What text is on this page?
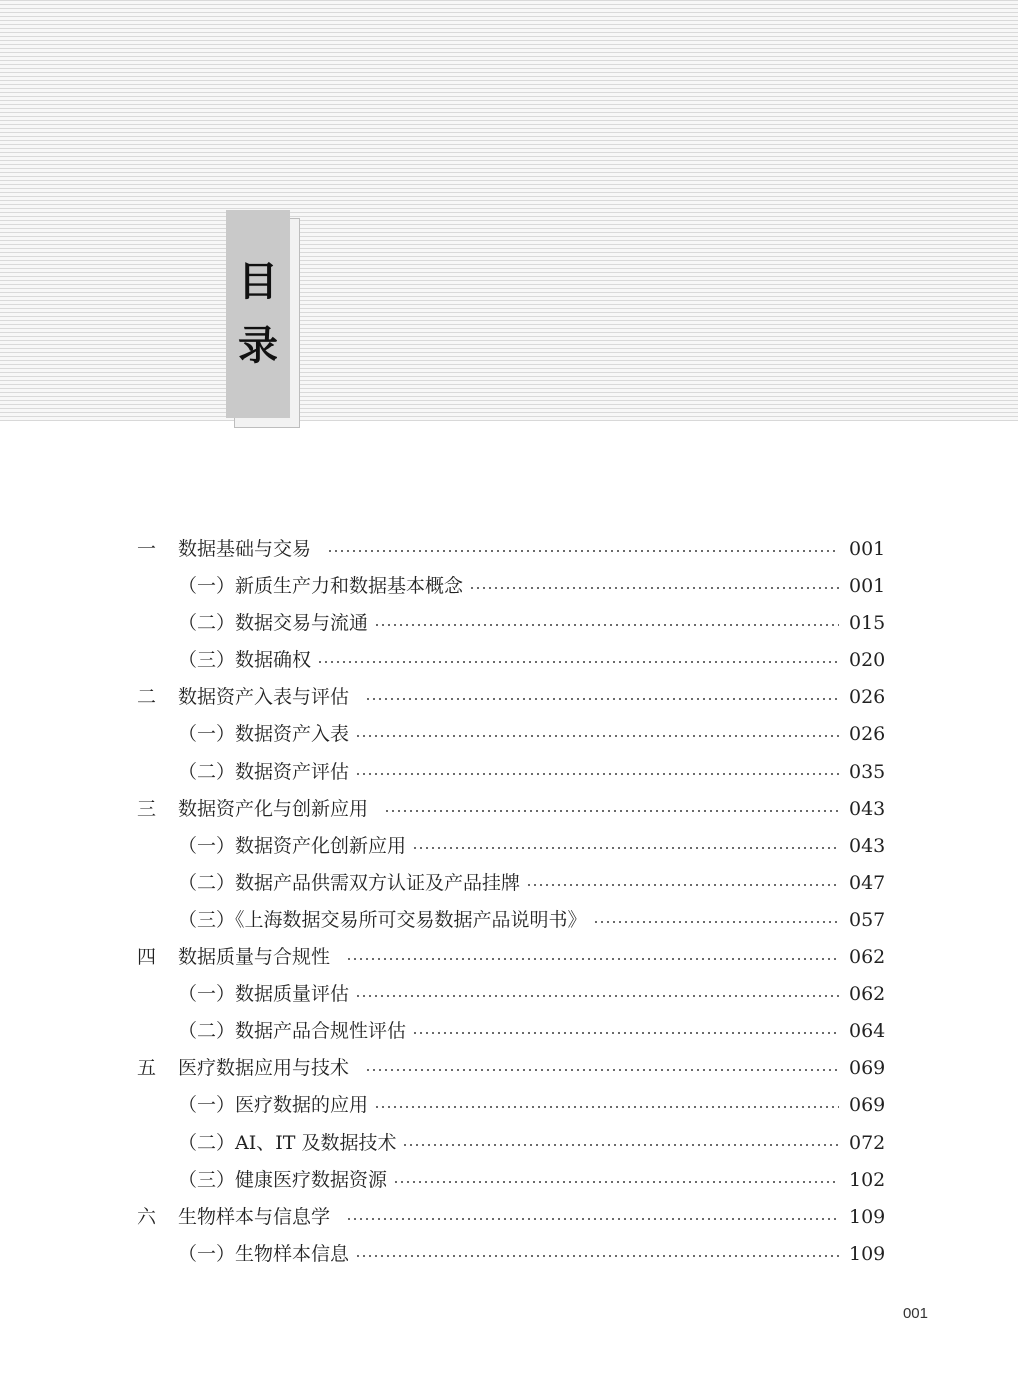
目
录
一 数据基础与交易	001
（一）新质生产力和数据基本概念	001
（二）数据交易与流通	015
（三）数据确权	020
二 数据资产入表与评估	026
（一）数据资产入表	026
（二）数据资产评估	035
三 数据资产化与创新应用	043
（一）数据资产化创新应用	043
（二）数据产品供需双方认证及产品挂牌	047
（三）《上海数据交易所可交易数据产品说明书》	057
四 数据质量与合规性	062
（一）数据质量评估	062
（二）数据产品合规性评估	064
五 医疗数据应用与技术	069
（一）医疗数据的应用	069
（二）AI、IT 及数据技术	072
（三）健康医疗数据资源	102
六 生物样本与信息学	109
（一）生物样本信息	109
001
